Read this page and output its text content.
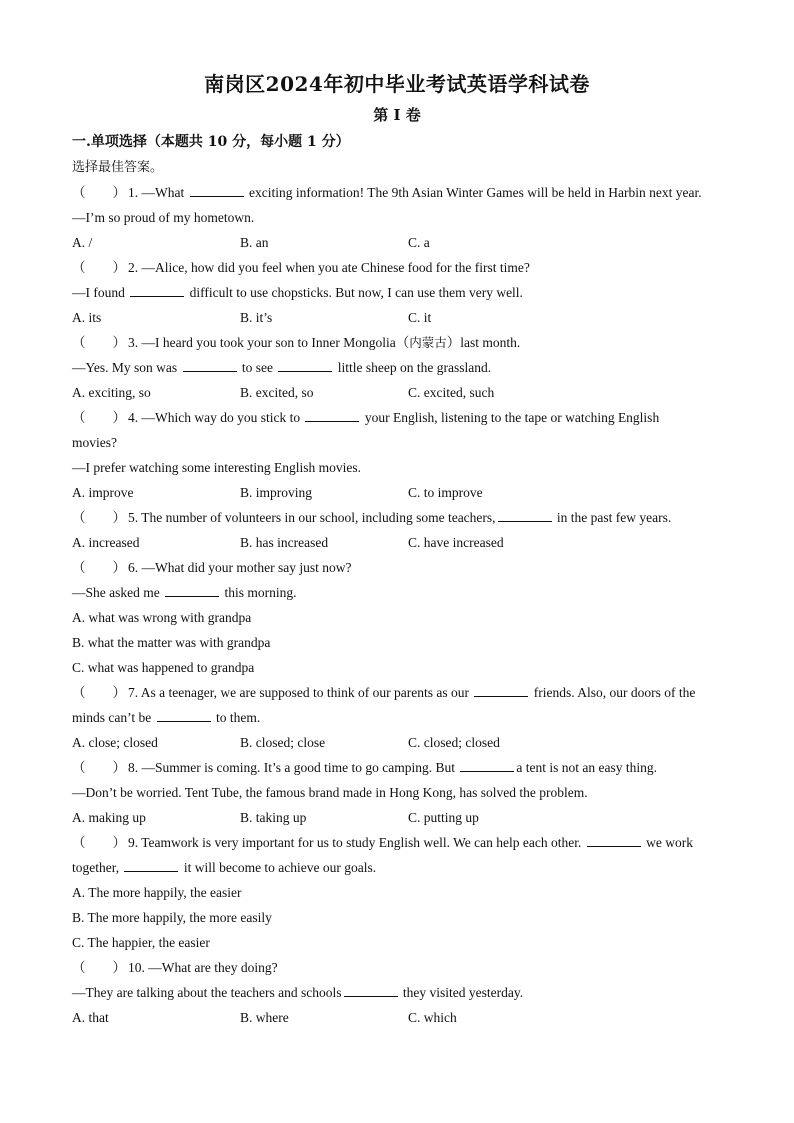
南岗区2024年初中毕业考试英语学科试卷
第 I 卷
一.单项选择（本题共 10 分，每小题 1 分）
选择最佳答案。
（　　） 1. —What	exciting information! The 9th Asian Winter Games will be held in Harbin next year.
—I’m so proud of my hometown.
A. /	B. an	C. a
（　　） 2. —Alice, how did you feel when you ate Chinese food for the first time?
—I found	difficult to use chopsticks. But now, I can use them very well.
A. its	B. it’s	C. it
（　　） 3. —I heard you took your son to Inner Mongolia（内蒙古）last month.
—Yes. My son was	to see	little sheep on the grassland.
A. exciting, so	B. excited, so	C. excited, such
（　　） 4. —Which way do you stick to	your English, listening to the tape or watching English
movies?
—I prefer watching some interesting English movies.
A. improve	B. improving	C. to improve
（　　） 5. The number of volunteers in our school, including some teachers,	in the past few years.
A. increased	B. has increased	C. have increased
（　　） 6. —What did your mother say just now?
—She asked me	this morning.
A. what was wrong with grandpa
B. what the matter was with grandpa
C. what was happened to grandpa
（　　） 7. As a teenager, we are supposed to think of our parents as our	friends. Also, our doors of the
minds can’t be	to them.
A. close; closed	B. closed; close	C. closed; closed
（　　） 8. —Summer is coming. It’s a good time to go camping. But	a tent is not an easy thing.
—Don’t be worried. Tent Tube, the famous brand made in Hong Kong, has solved the problem.
A. making up	B. taking up	C. putting up
（　　） 9. Teamwork is very important for us to study English well. We can help each other.	we work
together,	it will become to achieve our goals.
A. The more happily, the easier
B. The more happily, the more easily
C. The happier, the easier
（　　） 10. —What are they doing?
—They are talking about the teachers and schools	they visited yesterday.
A. that	B. where	C. which
